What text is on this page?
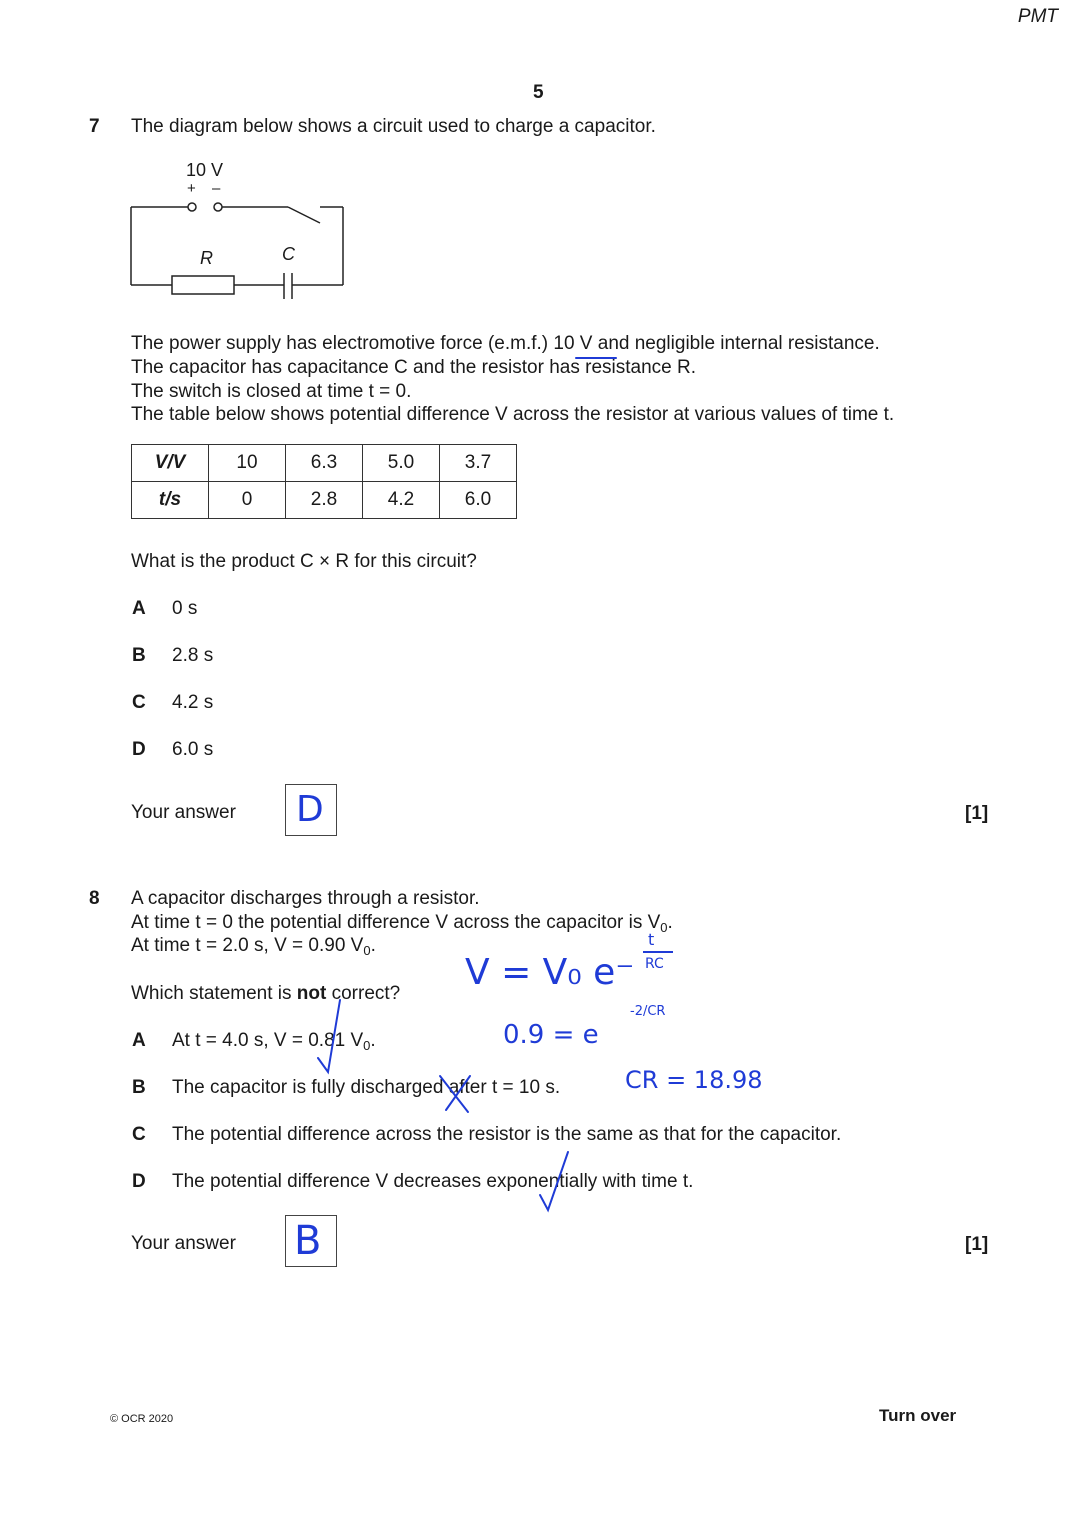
PMT
5
7 The diagram below shows a circuit used to charge a capacitor.
10 V
+ –
R	C
The power supply has electromotive force (e.m.f.) 10 V and negligible internal resistance.
The capacitor has capacitance C and the resistor has resistance R.
The switch is closed at time t = 0.
The table below shows potential difference V across the resistor at various values of time t.
V/V	10	6.3	5.0	3.7
t/s	0	2.8	4.2	6.0
What is the product C × R for this circuit?
A 0 s
B 2.8 s
C 4.2 s
D 6.0 s
Your answer D	[1]
8 A capacitor discharges through a resistor.
At time t = 0 the potential difference V across the capacitor is $V_0$.
At time t = 2.0 s, V = 0.90 $V_0$.
Which statement is not correct?
A At t = 4.0 s, V = 0.81 $V_0$.
B The capacitor is fully discharged after t = 10 s.
C The potential difference across the resistor is the same as that for the capacitor.
D The potential difference V decreases exponentially with time t.
V = V₀ e⁻
t
RC
0.9 = e
-2/CR
CR = 18.98
Your answer B	[1]
© OCR 2020	Turn over
